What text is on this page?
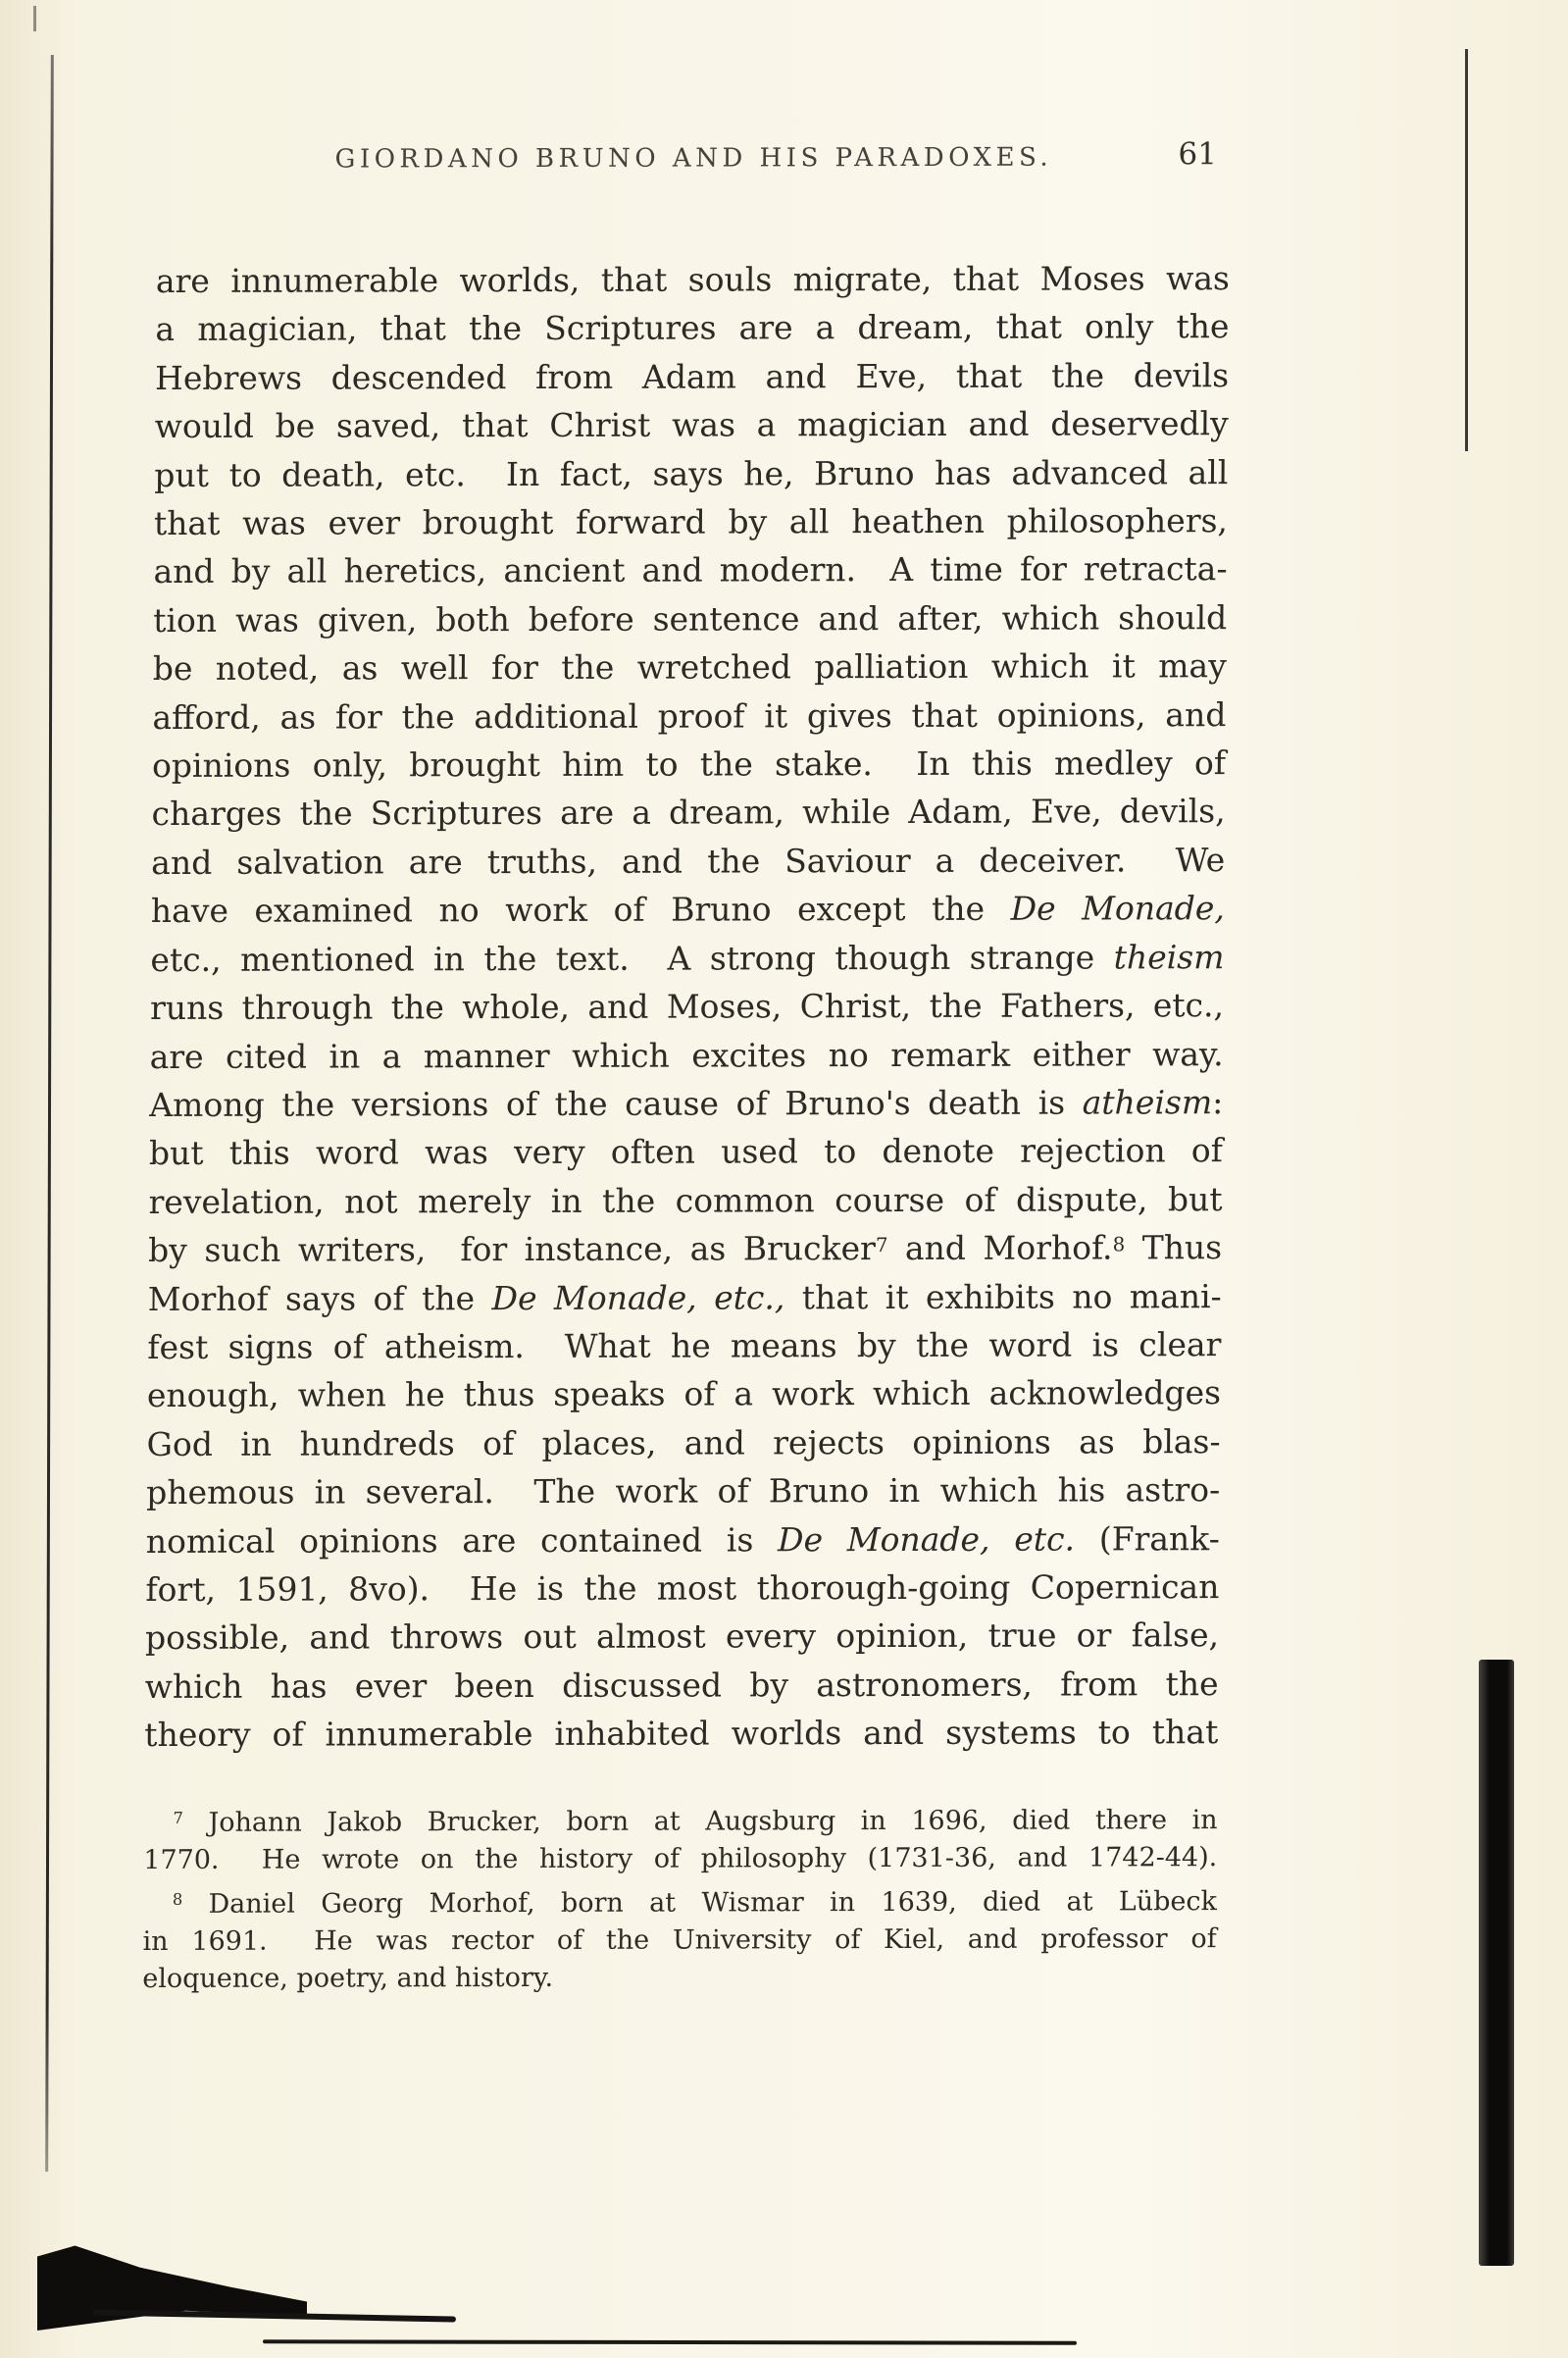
GIORDANO BRUNO AND HIS PARADOXES.	61
are innumerable worlds, that souls migrate, that Moses was
a magician, that the Scriptures are a dream, that only the
Hebrews descended from Adam and Eve, that the devils
would be saved, that Christ was a magician and deservedly
put to death, etc.  In fact, says he, Bruno has advanced all
that was ever brought forward by all heathen philosophers,
and by all heretics, ancient and modern.  A time for retracta-
tion was given, both before sentence and after, which should
be noted, as well for the wretched palliation which it may
afford, as for the additional proof it gives that opinions, and
opinions only, brought him to the stake.  In this medley of
charges the Scriptures are a dream, while Adam, Eve, devils,
and salvation are truths, and the Saviour a deceiver.  We
have examined no work of Bruno except the De Monade,
etc., mentioned in the text.  A strong though strange theism
runs through the whole, and Moses, Christ, the Fathers, etc.,
are cited in a manner which excites no remark either way.
Among the versions of the cause of Bruno's death is atheism:
but this word was very often used to denote rejection of
revelation, not merely in the common course of dispute, but
by such writers,  for instance, as Brucker$^7$ and Morhof.$^8$ Thus
Morhof says of the De Monade, etc., that it exhibits no mani-
fest signs of atheism.  What he means by the word is clear
enough, when he thus speaks of a work which acknowledges
God in hundreds of places, and rejects opinions as blas-
phemous in several.  The work of Bruno in which his astro-
nomical opinions are contained is De Monade, etc. (Frank-
fort, 1591, 8vo).  He is the most thorough-going Copernican
possible, and throws out almost every opinion, true or false,
which has ever been discussed by astronomers, from the
theory of innumerable inhabited worlds and systems to that
$^7$ Johann Jakob Brucker, born at Augsburg in 1696, died there in
1770.  He wrote on the history of philosophy (1731-36, and 1742-44).
$^8$ Daniel Georg Morhof, born at Wismar in 1639, died at Lübeck
in 1691.  He was rector of the University of Kiel, and professor of
eloquence, poetry, and history.
